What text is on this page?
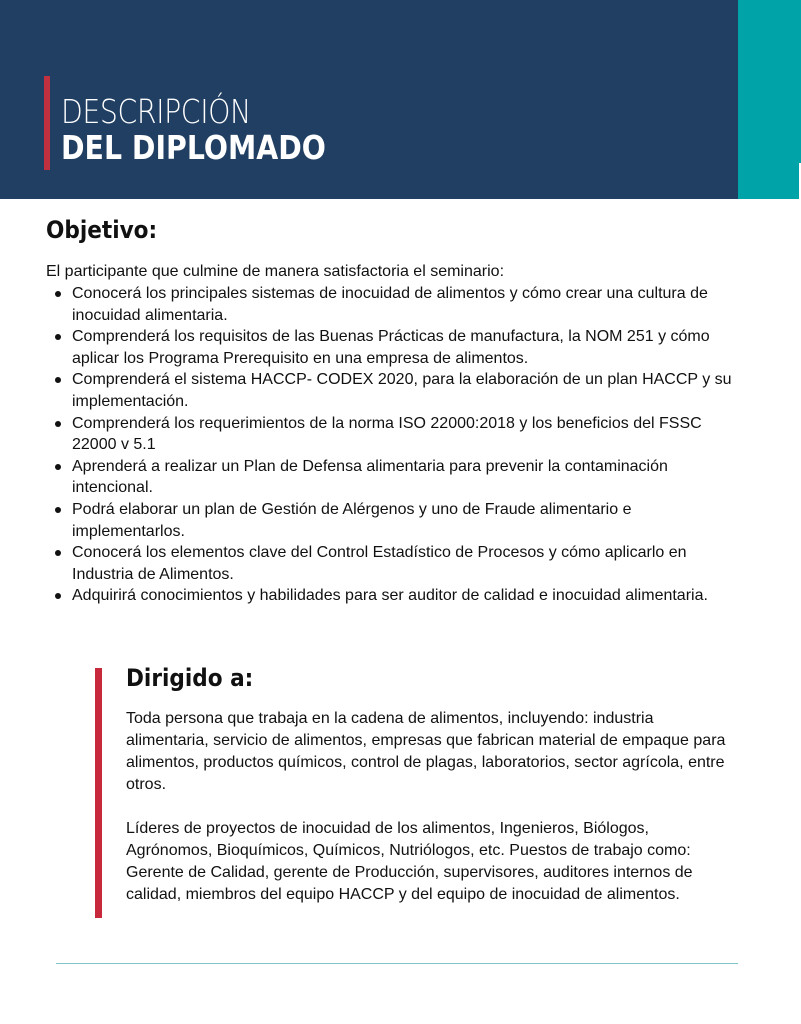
DESCRIPCIÓN
DEL DIPLOMADO
Objetivo:
El participante que culmine de manera satisfactoria el seminario:
Conocerá los principales sistemas de inocuidad de alimentos y cómo crear una cultura de inocuidad alimentaria.
Comprenderá los requisitos de las Buenas Prácticas de manufactura, la NOM 251 y cómo aplicar los Programa Prerequisito en una empresa de alimentos.
Comprenderá el sistema HACCP- CODEX 2020, para la elaboración de un plan HACCP y su implementación.
Comprenderá los requerimientos de la norma ISO 22000:2018 y los beneficios del FSSC 22000 v 5.1
Aprenderá a realizar un Plan de Defensa alimentaria para prevenir la contaminación intencional.
Podrá elaborar un plan de Gestión de Alérgenos y uno de Fraude alimentario e implementarlos.
Conocerá los elementos clave del Control Estadístico de Procesos y cómo aplicarlo en Industria de Alimentos.
Adquirirá conocimientos y habilidades para ser auditor de calidad e inocuidad alimentaria.
Dirigido a:

Toda persona que trabaja en la cadena de alimentos, incluyendo: industria alimentaria, servicio de alimentos, empresas que fabrican material de empaque para alimentos, productos químicos, control de plagas, laboratorios, sector agrícola, entre otros.

Líderes de proyectos de inocuidad de los alimentos, Ingenieros, Biólogos, Agrónomos, Bioquímicos, Químicos, Nutriólogos, etc. Puestos de trabajo como: Gerente de Calidad, gerente de Producción, supervisores, auditores internos de calidad, miembros del equipo HACCP y del equipo de inocuidad de alimentos.
